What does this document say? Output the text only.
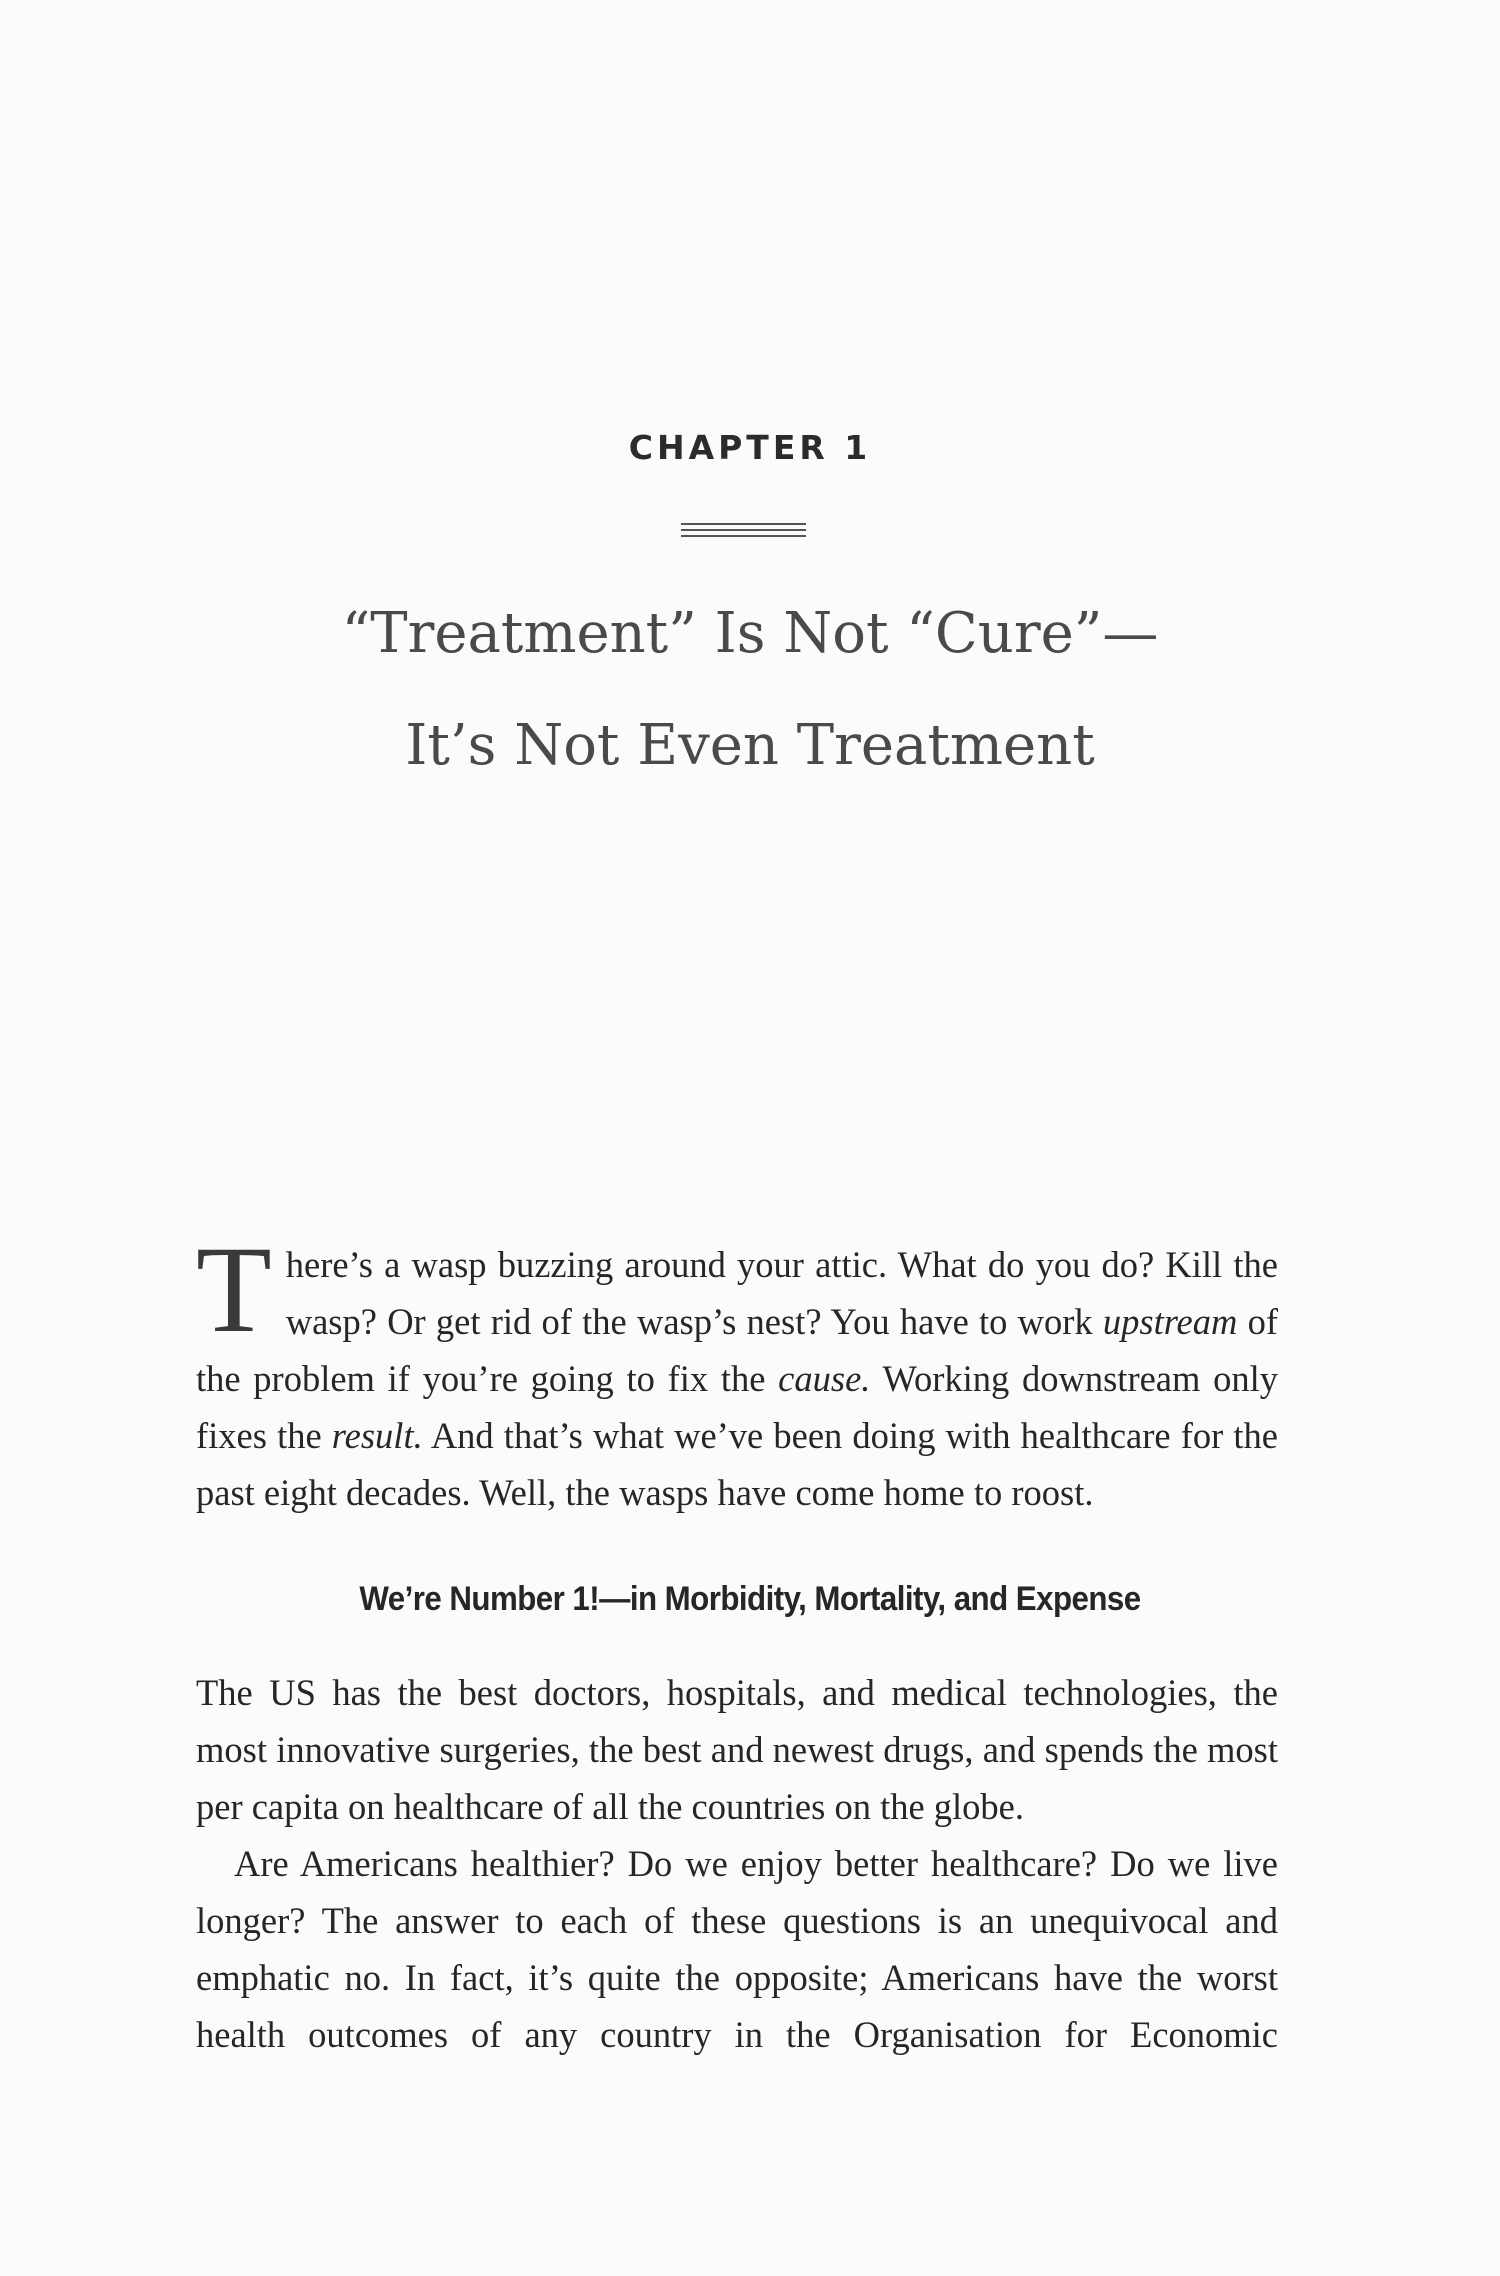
CHAPTER 1
“Treatment” Is Not “Cure”—
It’s Not Even Treatment

There’s a wasp buzzing around your attic. What do you do? Kill the wasp? Or get rid of the wasp’s nest? You have to work upstream of the problem if you’re going to fix the cause. Working downstream only fixes the result. And that’s what we’ve been doing with healthcare for the past eight decades. Well, the wasps have come home to roost.

We’re Number 1!—in Morbidity, Mortality, and Expense

The US has the best doctors, hospitals, and medical technologies, the most innovative surgeries, the best and newest drugs, and spends the most per capita on healthcare of all the countries on the globe.

Are Americans healthier? Do we enjoy better healthcare? Do we live longer? The answer to each of these questions is an unequivocal and emphatic no. In fact, it’s quite the opposite; Americans have the worst health outcomes of any country in the Organisation for Economic
